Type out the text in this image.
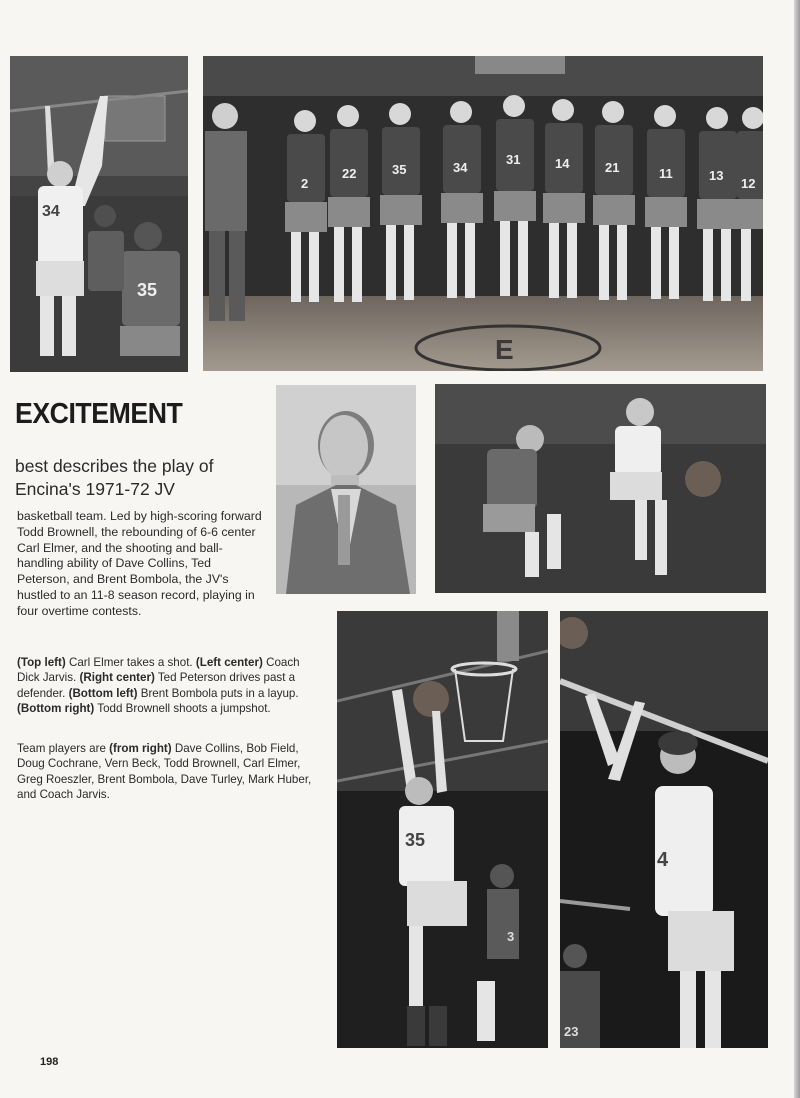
34
35
E
2
22	35	34
31	14	21	11	13
12
EXCITEMENT

best describes the play of Encina's 1971-72 JV

basketball team. Led by high-scoring forward Todd Brownell, the rebounding of 6-6 center Carl Elmer, and the shooting and ball-handling ability of Dave Collins, Ted Peterson, and Brent Bombola, the JV's hustled to an 11-8 season record, playing in four overtime contests.

(Top left) Carl Elmer takes a shot. (Left center) Coach Dick Jarvis. (Right center) Ted Peterson drives past a defender. (Bottom left) Brent Bombola puts in a layup. (Bottom right) Todd Brownell shoots a jumpshot.

Team players are (from right) Dave Collins, Bob Field, Doug Cochrane, Vern Beck, Todd Brownell, Carl Elmer, Greg Roeszler, Brent Bombola, Dave Turley, Mark Huber, and Coach Jarvis.

35
3
4
23
198
